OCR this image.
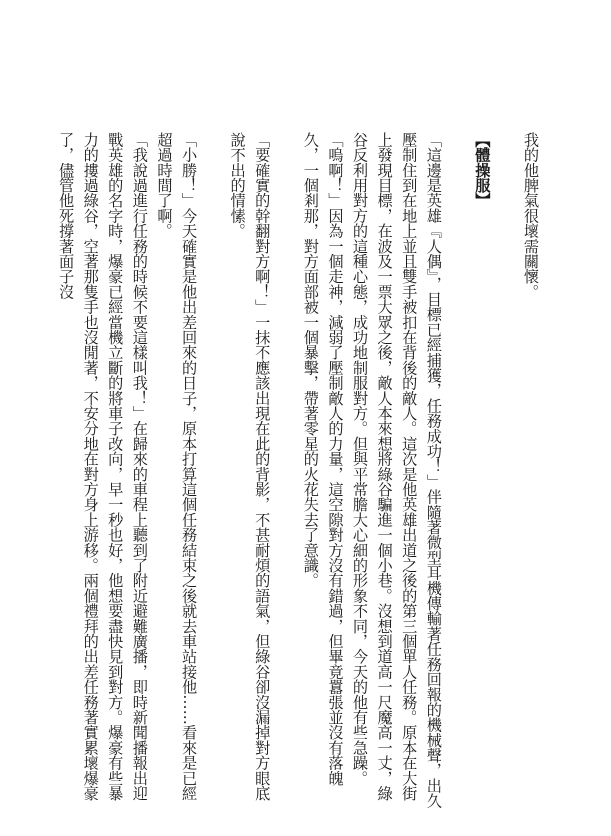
我的他脾氣很壞需關懷。

【體操服】

「這邊是英雄『人偶』，目標已經捕獲，任務成功！」伴隨著微型耳機傳輸著任務回報的機械聲，出久壓制住到在地上並且雙手被扣在背後的敵人。這次是他英雄出道之後的第三個單人任務。原本在大街上發現目標，在波及一票大眾之後，敵人本來想將綠谷騙進一個小巷。沒想到道高一尺魔高一丈，綠谷反利用對方的這種心態，成功地制服對方。但與平常膽大心細的形象不同，今天的他有些急躁。

「嗚啊！」因為一個走神，減弱了壓制敵人的力量，這空隙對方沒有錯過，但畢竟囂張並沒有落魄久，一個剎那，對方面部被一個暴擊，帶著零星的火花失去了意識。

「要確實的幹翻對方啊！」一抹不應該出現在此的背影，不甚耐煩的語氣，但綠谷卻沒漏掉對方眼底說不出的情愫。

「小勝！」今天確實是他出差回來的日子，原本打算這個任務結束之後就去車站接他……看來是已經超過時間了啊。

「我說過進行任務的時候不要這樣叫我！」在歸來的車程上聽到了附近避難廣播，即時新聞播報出迎戰英雄的名字時，爆豪已經當機立斷的將車子改向，早一秒也好，他想要盡快見到對方。爆豪有些暴力的摟過綠谷，空著那隻手也沒閒著，不安分地在對方身上游移。兩個禮拜的出差任務著實累壞爆豪了，儘管他死撐著面子沒
